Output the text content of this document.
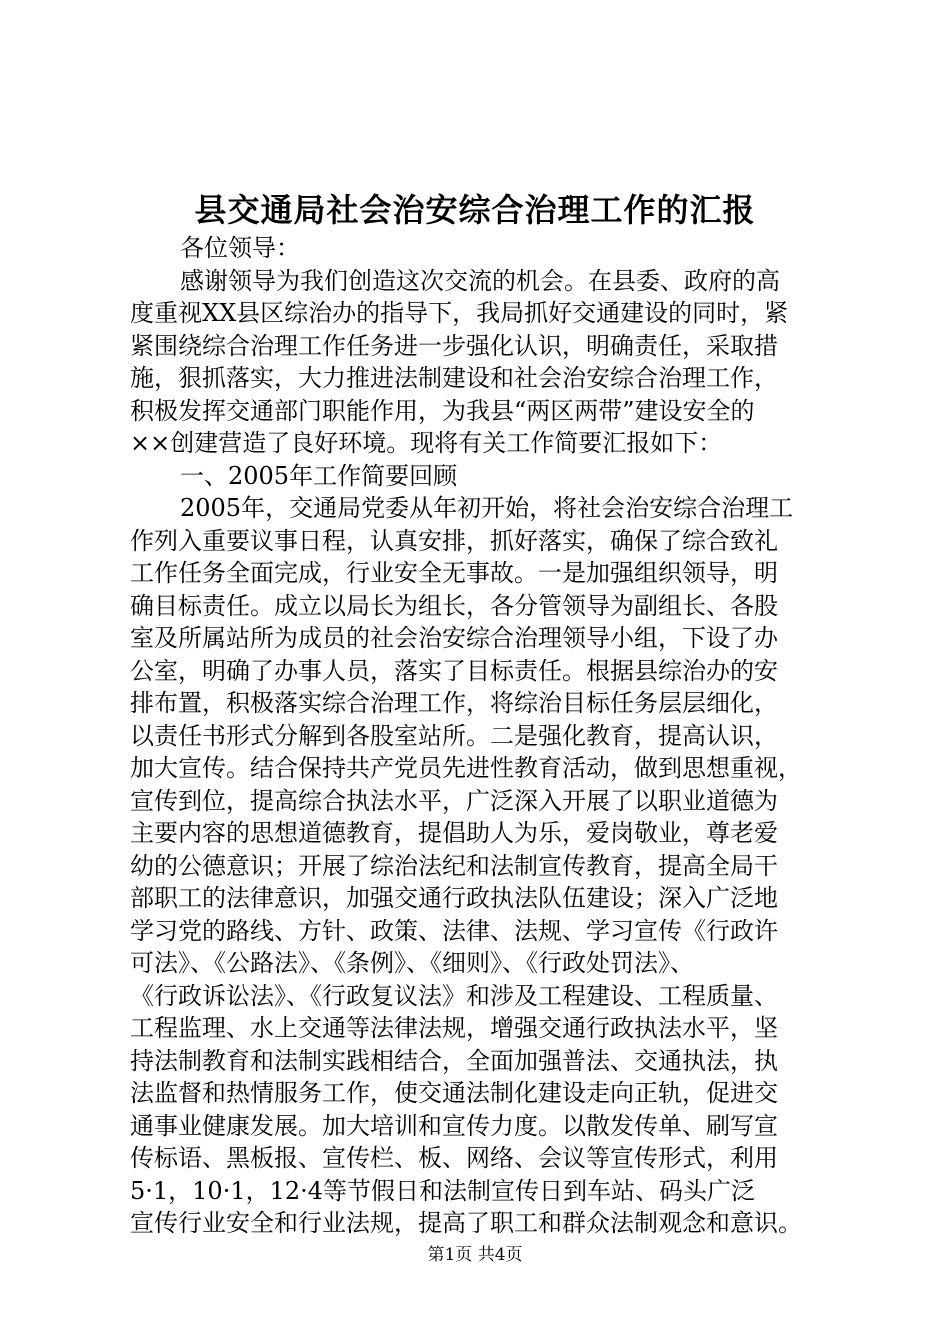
县交通局社会治安综合治理工作的汇报
各位领导：
感谢领导为我们创造这次交流的机会。在县委、政府的高
度重视XX县区综治办的指导下，我局抓好交通建设的同时，紧
紧围绕综合治理工作任务进一步强化认识，明确责任，采取措
施，狠抓落实，大力推进法制建设和社会治安综合治理工作，
积极发挥交通部门职能作用，为我县“两区两带”建设安全的
××创建营造了良好环境。现将有关工作简要汇报如下：
一、2005年工作简要回顾
2005年，交通局党委从年初开始，将社会治安综合治理工
作列入重要议事日程，认真安排，抓好落实，确保了综合致礼
工作任务全面完成，行业安全无事故。一是加强组织领导，明
确目标责任。成立以局长为组长，各分管领导为副组长、各股
室及所属站所为成员的社会治安综合治理领导小组，下设了办
公室，明确了办事人员，落实了目标责任。根据县综治办的安
排布置，积极落实综合治理工作，将综治目标任务层层细化，
以责任书形式分解到各股室站所。二是强化教育，提高认识，
加大宣传。结合保持共产党员先进性教育活动，做到思想重视，
宣传到位，提高综合执法水平，广泛深入开展了以职业道德为
主要内容的思想道德教育，提倡助人为乐，爱岗敬业，尊老爱
幼的公德意识；开展了综治法纪和法制宣传教育，提高全局干
部职工的法律意识，加强交通行政执法队伍建设；深入广泛地
学习党的路线、方针、政策、法律、法规、学习宣传《行政许
可法》、《公路法》、《条例》、《细则》、《行政处罚法》、
《行政诉讼法》、《行政复议法》和涉及工程建设、工程质量、
工程监理、水上交通等法律法规，增强交通行政执法水平，坚
持法制教育和法制实践相结合，全面加强普法、交通执法，执
法监督和热情服务工作，使交通法制化建设走向正轨，促进交
通事业健康发展。加大培训和宣传力度。以散发传单、刷写宣
传标语、黑板报、宣传栏、板、网络、会议等宣传形式，利用
5·1，10·1，12·4等节假日和法制宣传日到车站、码头广泛
宣传行业安全和行业法规，提高了职工和群众法制观念和意识。
第1页 共4页
